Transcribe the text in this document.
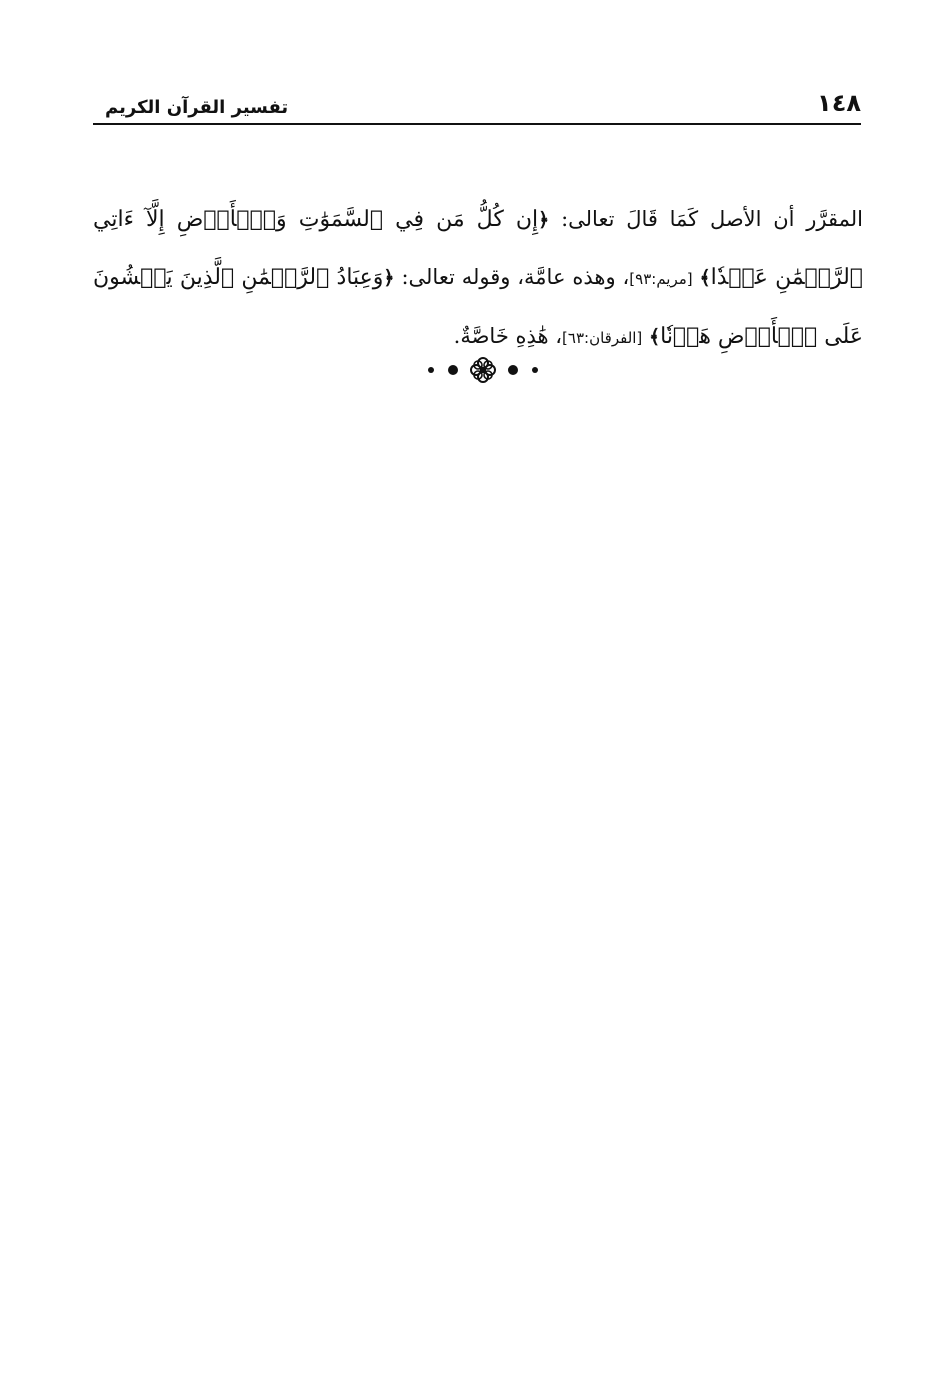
١٤٨
تفسير القرآن الكريم

المقرَّر أن الأصل كَمَا قَالَ تعالى: ﴿إِن كُلُّ مَن فِي ٱلسَّمَوَٰتِ وَٱلۡأَرۡضِ إِلَّآ ءَاتِي ٱلرَّحۡمَٰنِ عَبۡدٗا﴾ [مريم:٩٣]، وهذه عامَّة، وقوله تعالى: ﴿وَعِبَادُ ٱلرَّحۡمَٰنِ ٱلَّذِينَ يَمۡشُونَ عَلَى ٱلۡأَرۡضِ هَوۡنٗا﴾ [الفرقان:٦٣]، هَٰذِهِ خَاصَّةٌ.
